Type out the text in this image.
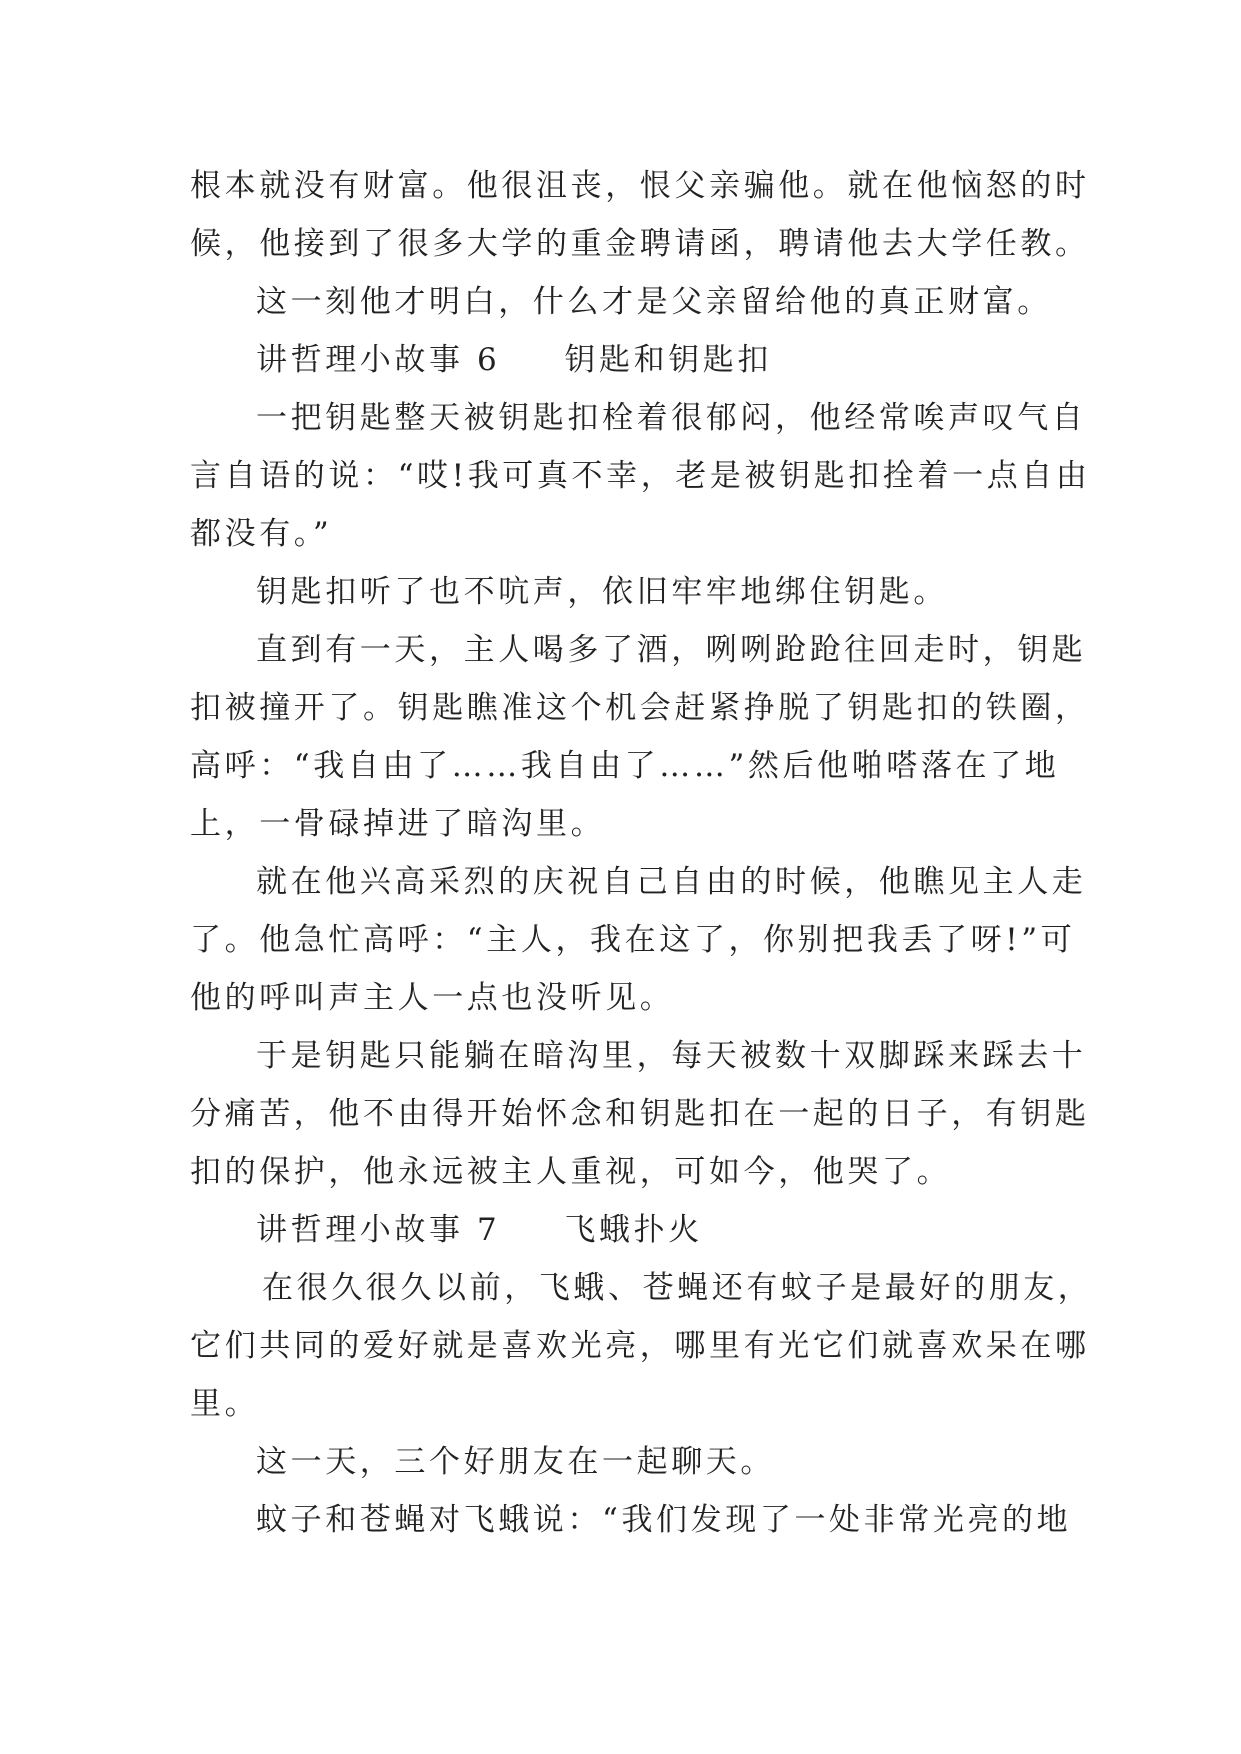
根本就没有财富。他很沮丧，恨父亲骗他。就在他恼怒的时
候，他接到了很多大学的重金聘请函，聘请他去大学任教。
这一刻他才明白，什么才是父亲留给他的真正财富。
讲哲理小故事 6 钥匙和钥匙扣
一把钥匙整天被钥匙扣栓着很郁闷，他经常唉声叹气自
言自语的说：“哎!我可真不幸，老是被钥匙扣拴着一点自由
都没有。”
钥匙扣听了也不吭声，依旧牢牢地绑住钥匙。
直到有一天，主人喝多了酒，咧咧跄跄往回走时，钥匙
扣被撞开了。钥匙瞧准这个机会赶紧挣脱了钥匙扣的铁圈，
高呼：“我自由了……我自由了……”然后他啪嗒落在了地
上，一骨碌掉进了暗沟里。
就在他兴高采烈的庆祝自己自由的时候，他瞧见主人走
了。他急忙高呼：“主人，我在这了，你别把我丢了呀!”可
他的呼叫声主人一点也没听见。
于是钥匙只能躺在暗沟里，每天被数十双脚踩来踩去十
分痛苦，他不由得开始怀念和钥匙扣在一起的日子，有钥匙
扣的保护，他永远被主人重视，可如今，他哭了。
讲哲理小故事 7 飞蛾扑火
在很久很久以前，飞蛾、苍蝇还有蚊子是最好的朋友，
它们共同的爱好就是喜欢光亮，哪里有光它们就喜欢呆在哪
里。
这一天，三个好朋友在一起聊天。
蚊子和苍蝇对飞蛾说：“我们发现了一处非常光亮的地
